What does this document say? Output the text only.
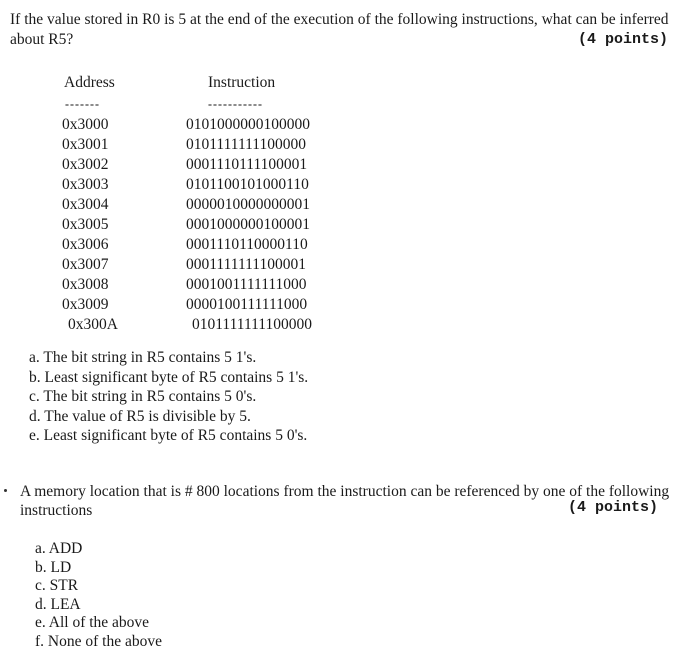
If the value stored in R0 is 5 at the end of the execution of the following instructions, what can be inferred about R5?	(4 points)
Address	Instruction
-------	-----------
0x3000	0101000000100000
0x3001	0101111111100000
0x3002	0001110111100001
0x3003	0101100101000110
0x3004	0000010000000001
0x3005	0001000000100001
0x3006	0001110110000110
0x3007	0001111111100001
0x3008	0001001111111000
0x3009	0000100111111000
0x300A	0101111111100000
a. The bit string in R5 contains 5 1's.
b. Least significant byte of R5 contains 5 1's.
c. The bit string in R5 contains 5 0's.
d. The value of R5 is divisible by 5.
e. Least significant byte of R5 contains 5 0's.
A memory location that is # 800 locations from the instruction can be referenced by one of the following instructions	(4 points)
a. ADD
b. LD
c. STR
d. LEA
e. All of the above
f. None of the above
